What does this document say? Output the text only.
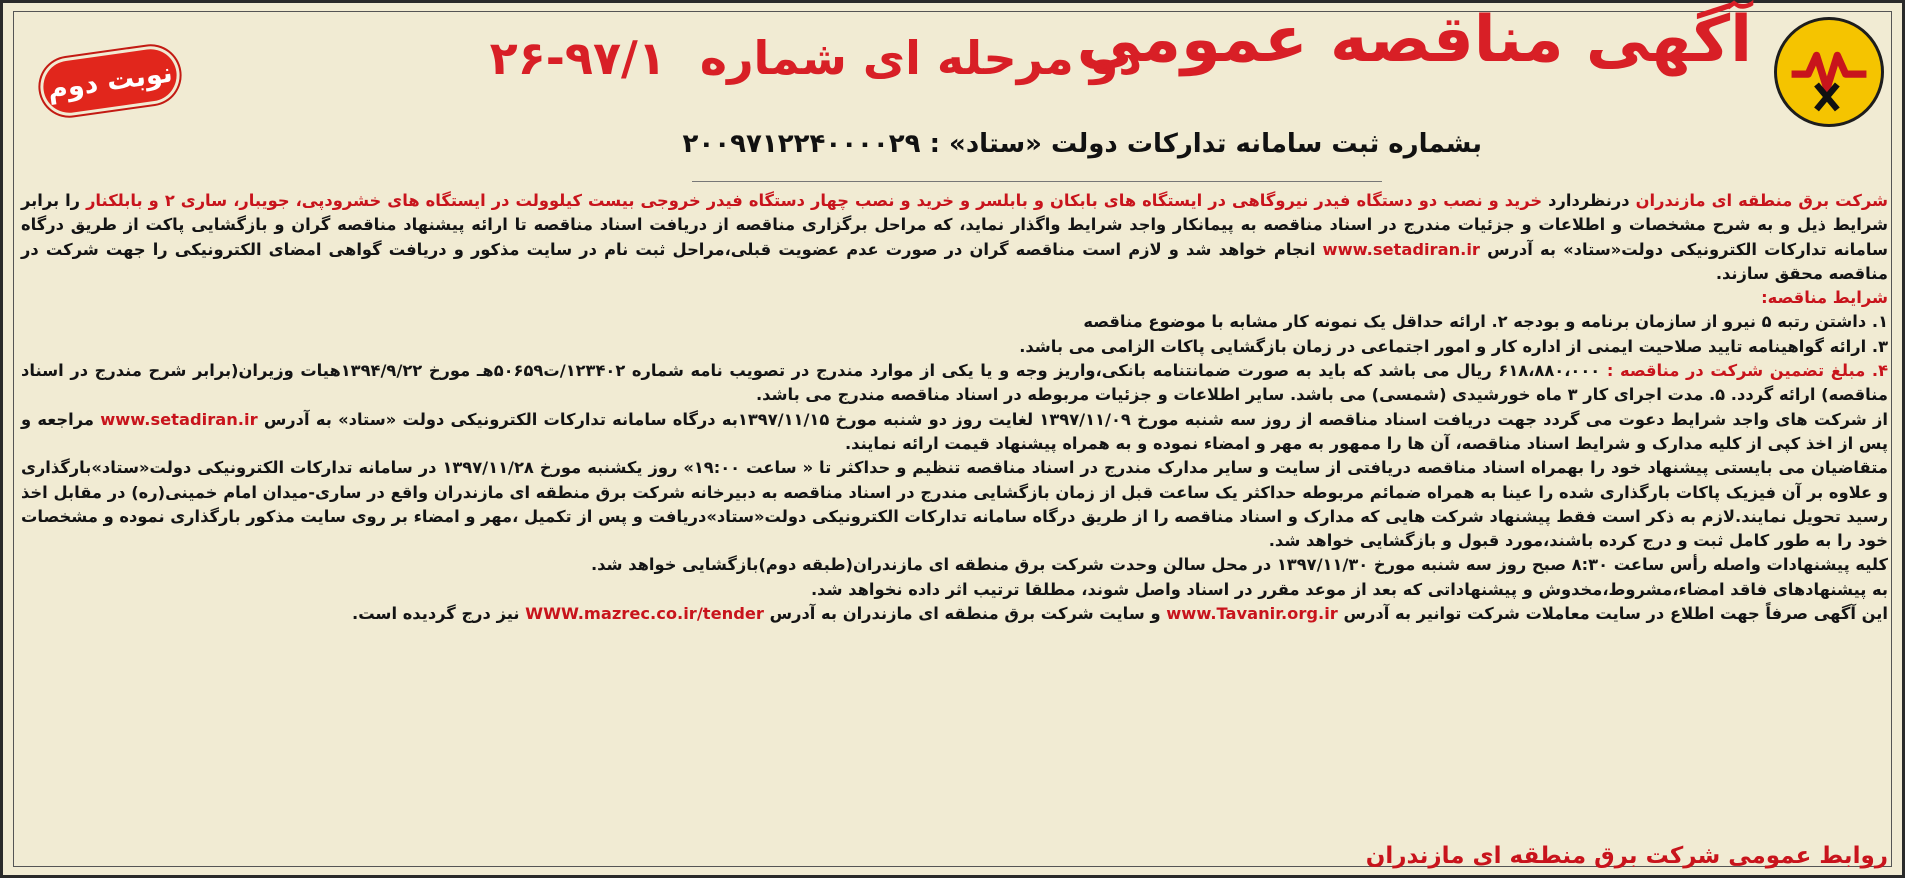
آگهی مناقصه عمومی
دو مرحله ای شماره ۹۷/۱-۲۶
نوبت دوم
بشماره ثبت سامانه تدارکات دولت «ستاد» : ۲۰۰۹۷۱۲۲۴۰۰۰۰۲۹

شرکت برق منطقه ای مازندران درنظردارد خرید و نصب دو دستگاه فیدر نیروگاهی در ایستگاه های بابکان و بابلسر و خرید و نصب چهار دستگاه فیدر خروجی بیست کیلوولت در ایستگاه های خشرودپی، جویبار، ساری ۲ و بابلکنار را برابر شرایط ذیل و به شرح مشخصات و اطلاعات و جزئیات مندرج در اسناد مناقصه به پیمانکار واجد شرایط واگذار نماید، که مراحل برگزاری مناقصه از دریافت اسناد مناقصه تا ارائه پیشنهاد مناقصه گران و بازگشایی پاکت از طریق درگاه سامانه تدارکات الکترونیکی دولت«ستاد» به آدرس www.setadiran.ir انجام خواهد شد و لازم است مناقصه گران در صورت عدم عضویت قبلی،مراحل ثبت نام در سایت مذکور و دریافت گواهی امضای الکترونیکی را جهت شرکت در مناقصه محقق سازند.

شرایط مناقصه:

۱. داشتن رتبه ۵ نیرو از سازمان برنامه و بودجه ۲. ارائه حداقل یک نمونه کار مشابه با موضوع مناقصه

۳. ارائه گواهینامه تایید صلاحیت ایمنی از اداره کار و امور اجتماعی در زمان بازگشایی پاکات الزامی می باشد.

۴. مبلغ تضمین شرکت در مناقصه : ۶۱۸،۸۸۰،۰۰۰ ریال می باشد که باید به صورت ضمانتنامه بانکی،واریز وجه و یا یکی از موارد مندرج در تصویب نامه شماره ۱۲۳۴۰۲/ت۵۰۶۵۹هـ مورخ ۱۳۹۴/۹/۲۲هیات وزیران(برابر شرح مندرج در اسناد مناقصه) ارائه گردد. ۵. مدت اجرای کار ۳ ماه خورشیدی (شمسی) می باشد. سایر اطلاعات و جزئیات مربوطه در اسناد مناقصه مندرج می باشد.

از شرکت های واجد شرایط دعوت می گردد جهت دریافت اسناد مناقصه از روز سه شنبه مورخ ۱۳۹۷/۱۱/۰۹ لغایت روز دو شنبه مورخ ۱۳۹۷/۱۱/۱۵به درگاه سامانه تدارکات الکترونیکی دولت «ستاد» به آدرس www.setadiran.ir مراجعه و پس از اخذ کپی از کلیه مدارک و شرایط اسناد مناقصه، آن ها را ممهور به مهر و امضاء نموده و به همراه پیشنهاد قیمت ارائه نمایند.

متقاضیان می بایستی پیشنهاد خود را بهمراه اسناد مناقصه دریافتی از سایت و سایر مدارک مندرج در اسناد مناقصه تنظیم و حداکثر تا « ساعت ۱۹:۰۰» روز یکشنبه مورخ ۱۳۹۷/۱۱/۲۸ در سامانه تدارکات الکترونیکی دولت«ستاد»بارگذاری و علاوه بر آن فیزیک پاکات بارگذاری شده را عینا به همراه ضمائم مربوطه حداکثر یک ساعت قبل از زمان بازگشایی مندرج در اسناد مناقصه به دبیرخانه شرکت برق منطقه ای مازندران واقع در ساری-میدان امام خمینی(ره) در مقابل اخذ رسید تحویل نمایند.لازم به ذکر است فقط پیشنهاد شرکت هایی که مدارک و اسناد مناقصه را از طریق درگاه سامانه تدارکات الکترونیکی دولت«ستاد»دریافت و پس از تکمیل ،مهر و امضاء بر روی سایت مذکور بارگذاری نموده و مشخصات خود را به طور کامل ثبت و درج کرده باشند،مورد قبول و بازگشایی خواهد شد.

کلیه پیشنهادات واصله رأس ساعت ۸:۳۰ صبح روز سه شنبه مورخ ۱۳۹۷/۱۱/۳۰ در محل سالن وحدت شرکت برق منطقه ای مازندران(طبقه دوم)بازگشایی خواهد شد.

به پیشنهادهای فاقد امضاء،مشروط،مخدوش و پیشنهاداتی که بعد از موعد مقرر در اسناد واصل شوند، مطلقا ترتیب اثر داده نخواهد شد.

این آگهی صرفاً جهت اطلاع در سایت معاملات شرکت توانیر به آدرس www.Tavanir.org.ir و سایت شرکت برق منطقه ای مازندران به آدرس WWW.mazrec.co.ir/tender نیز درج گردیده است.

روابط عمومی شرکت برق منطقه ای مازندران
